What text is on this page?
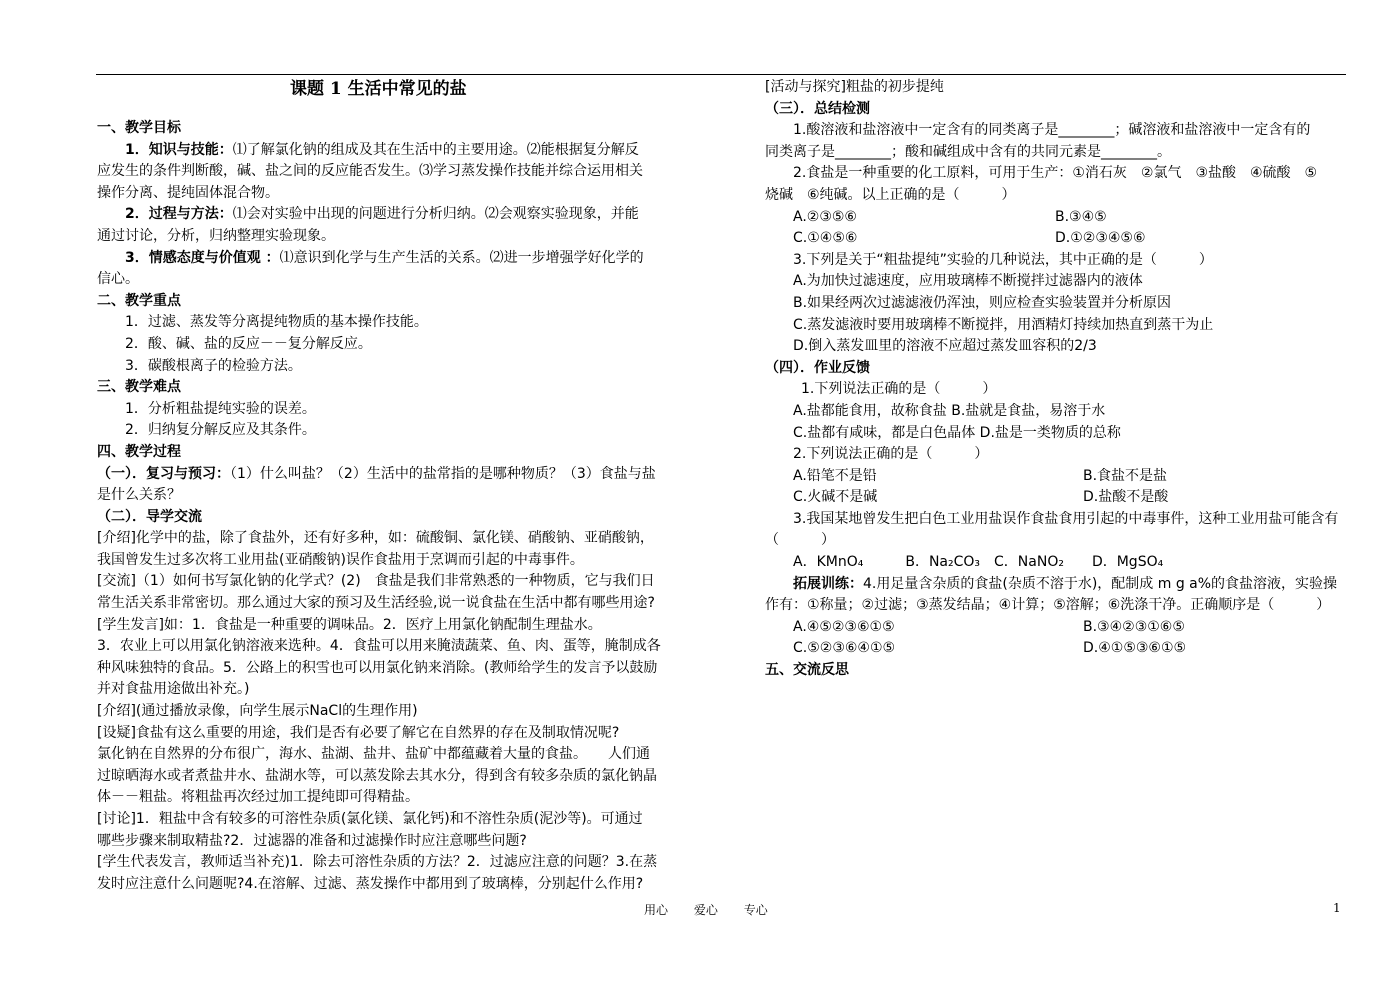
课题 1 生活中常见的盐
一、教学目标
1．知识与技能：⑴了解氯化钠的组成及其在生活中的主要用途。⑵能根据复分解反
应发生的条件判断酸，碱、盐之间的反应能否发生。⑶学习蒸发操作技能并综合运用相关
操作分离、提纯固体混合物。
2．过程与方法：⑴会对实验中出现的问题进行分析归纳。⑵会观察实验现象，并能
通过讨论，分析，归纳整理实验现象。
3．情感态度与价值观 ：⑴意识到化学与生产生活的关系。⑵进一步增强学好化学的
信心。
二、教学重点
1．过滤、蒸发等分离提纯物质的基本操作技能。
2．酸、碱、盐的反应－－复分解反应。
3．碳酸根离子的检验方法。
三、教学难点
1．分析粗盐提纯实验的误差。
2．归纳复分解反应及其条件。
四、教学过程
（一）．复习与预习：（1）什么叫盐？（2）生活中的盐常指的是哪种物质？（3）食盐与盐
是什么关系？
（二）．导学交流
[介绍]化学中的盐，除了食盐外，还有好多种，如：硫酸铜、氯化镁、硝酸钠、亚硝酸钠，
我国曾发生过多次将工业用盐(亚硝酸钠)误作食盐用于烹调而引起的中毒事件。
[交流]（1）如何书写氯化钠的化学式？(2)　食盐是我们非常熟悉的一种物质，它与我们日
常生活关系非常密切。那么通过大家的预习及生活经验,说一说食盐在生活中都有哪些用途?
[学生发言]如：1．食盐是一种重要的调味品。2．医疗上用氯化钠配制生理盐水。
3．农业上可以用氯化钠溶液来选种。4．食盐可以用来腌渍蔬菜、鱼、肉、蛋等，腌制成各
种风味独特的食品。5．公路上的积雪也可以用氯化钠来消除。(教师给学生的发言予以鼓励
并对食盐用途做出补充。)
[介绍](通过播放录像，向学生展示NaCl的生理作用)
[设疑]食盐有这么重要的用途，我们是否有必要了解它在自然界的存在及制取情况呢?
氯化钠在自然界的分布很广，海水、盐湖、盐井、盐矿中都蕴藏着大量的食盐。　　人们通
过晾晒海水或者煮盐井水、盐湖水等，可以蒸发除去其水分，得到含有较多杂质的氯化钠晶
体－－粗盐。将粗盐再次经过加工提纯即可得精盐。
[讨论]1．粗盐中含有较多的可溶性杂质(氯化镁、氯化钙)和不溶性杂质(泥沙等)。可通过
哪些步骤来制取精盐?2．过滤器的准备和过滤操作时应注意哪些问题?
[学生代表发言，教师适当补充)1．除去可溶性杂质的方法？2．过滤应注意的问题？3.在蒸
发时应注意什么问题呢?4.在溶解、过滤、蒸发操作中都用到了玻璃棒，分别起什么作用?
[活动与探究]粗盐的初步提纯
（三）．总结检测
1.酸溶液和盐溶液中一定含有的同类离子是________；碱溶液和盐溶液中一定含有的
同类离子是________；酸和碱组成中含有的共同元素是________。
2.食盐是一种重要的化工原料，可用于生产：①消石灰　②氯气　③盐酸　④硫酸　⑤
烧碱　⑥纯碱。以上正确的是（　　　）
A.②③⑤⑥	B.③④⑤
C.①④⑤⑥	D.①②③④⑤⑥
3.下列是关于“粗盐提纯”实验的几种说法，其中正确的是（　　　）
A.为加快过滤速度，应用玻璃棒不断搅拌过滤器内的液体
B.如果经两次过滤滤液仍浑浊，则应检查实验装置并分析原因
C.蒸发滤液时要用玻璃棒不断搅拌，用酒精灯持续加热直到蒸干为止
D.倒入蒸发皿里的溶液不应超过蒸发皿容积的2/3
（四）．作业反馈
1.下列说法正确的是（　　　）
A.盐都能食用，故称食盐 B.盐就是食盐，易溶于水
C.盐都有咸味，都是白色晶体 D.盐是一类物质的总称
2.下列说法正确的是（　　　）
A.铅笔不是铅	B.食盐不是盐
C.火碱不是碱	D.盐酸不是酸
3.我国某地曾发生把白色工业用盐误作食盐食用引起的中毒事件，这种工业用盐可能含有
（　　　）
A．KMnO₄　　　B．Na₂CO₃　C．NaNO₂　　D．MgSO₄
拓展训练：4.用足量含杂质的食盐(杂质不溶于水)，配制成 m g a%的食盐溶液，实验操
作有：①称量；②过滤；③蒸发结晶；④计算；⑤溶解；⑥洗涤干净。正确顺序是（　　　）
A.④⑤②③⑥①⑤	B.③④②③①⑥⑤
C.⑤②③⑥④①⑤	D.④①⑤③⑥①⑤
五、交流反思
用心 爱心 专心	1
